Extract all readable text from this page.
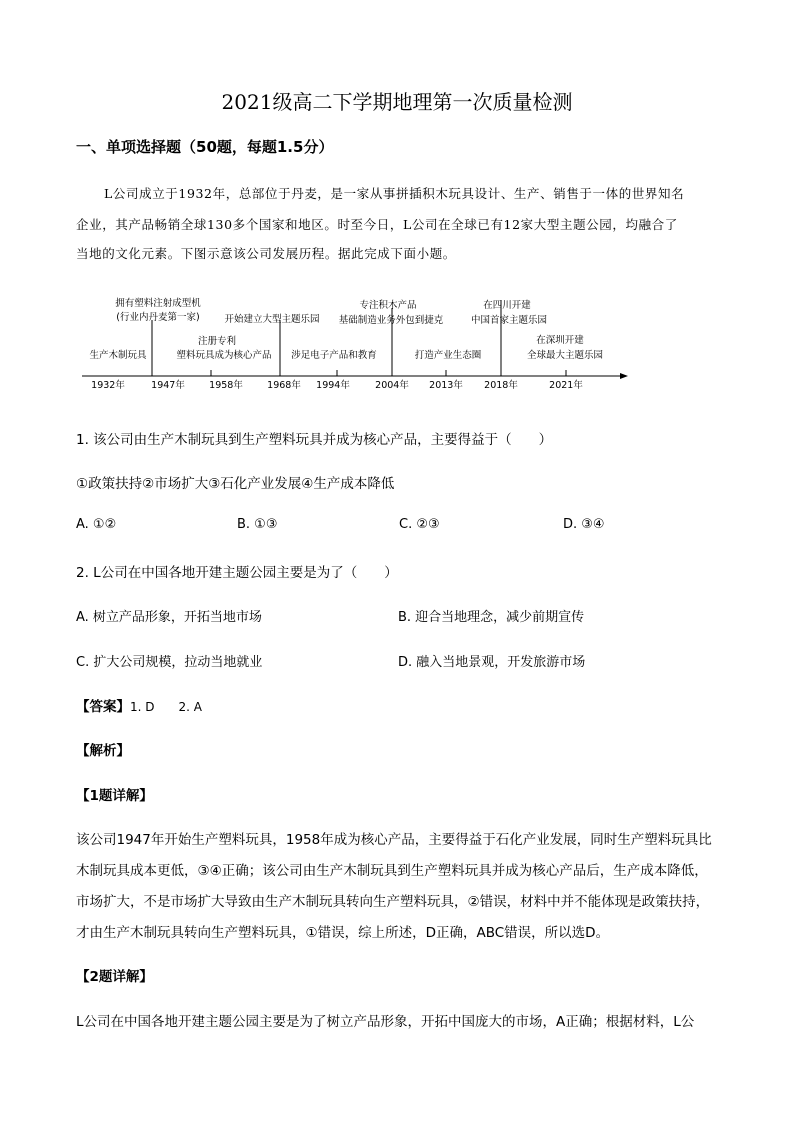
2021级高二下学期地理第一次质量检测
一、单项选择题（50题，每题1.5分）
L公司成立于1932年，总部位于丹麦，是一家从事拼插积木玩具设计、生产、销售于一体的世界知名
企业，其产品畅销全球130多个国家和地区。时至今日，L公司在全球已有12家大型主题公园，均融合了
当地的文化元素。下图示意该公司发展历程。据此完成下面小题。
1932年	1947年	1958年	1968年 1994年	2004年 2013年 2018年	2021年
生产木制玩具
拥有塑料注射成型机
(行业内丹麦第一家)
注册专利
塑料玩具成为核心产品
开始建立大型主题乐园
涉足电子产品和教育
专注积木产品
基础制造业务外包到捷克
打造产业生态圈
在四川开建
中国首家主题乐园
在深圳开建
全球最大主题乐园
1. 该公司由生产木制玩具到生产塑料玩具并成为核心产品，主要得益于（　　）
①政策扶持②市场扩大③石化产业发展④生产成本降低
A. ①②	B. ①③	C. ②③	D. ③④
2. L公司在中国各地开建主题公园主要是为了（　　）
A. 树立产品形象，开拓当地市场	B. 迎合当地理念，减少前期宣传
C. 扩大公司规模，拉动当地就业	D. 融入当地景观，开发旅游市场
【答案】1. D　　2. A
【解析】
【1题详解】
该公司1947年开始生产塑料玩具，1958年成为核心产品，主要得益于石化产业发展，同时生产塑料玩具比
木制玩具成本更低，③④正确；该公司由生产木制玩具到生产塑料玩具并成为核心产品后，生产成本降低，
市场扩大，不是市场扩大导致由生产木制玩具转向生产塑料玩具，②错误，材料中并不能体现是政策扶持，
才由生产木制玩具转向生产塑料玩具，①错误，综上所述，D正确，ABC错误，所以选D。
【2题详解】
L公司在中国各地开建主题公园主要是为了树立产品形象，开拓中国庞大的市场，A正确；根据材料，L公
